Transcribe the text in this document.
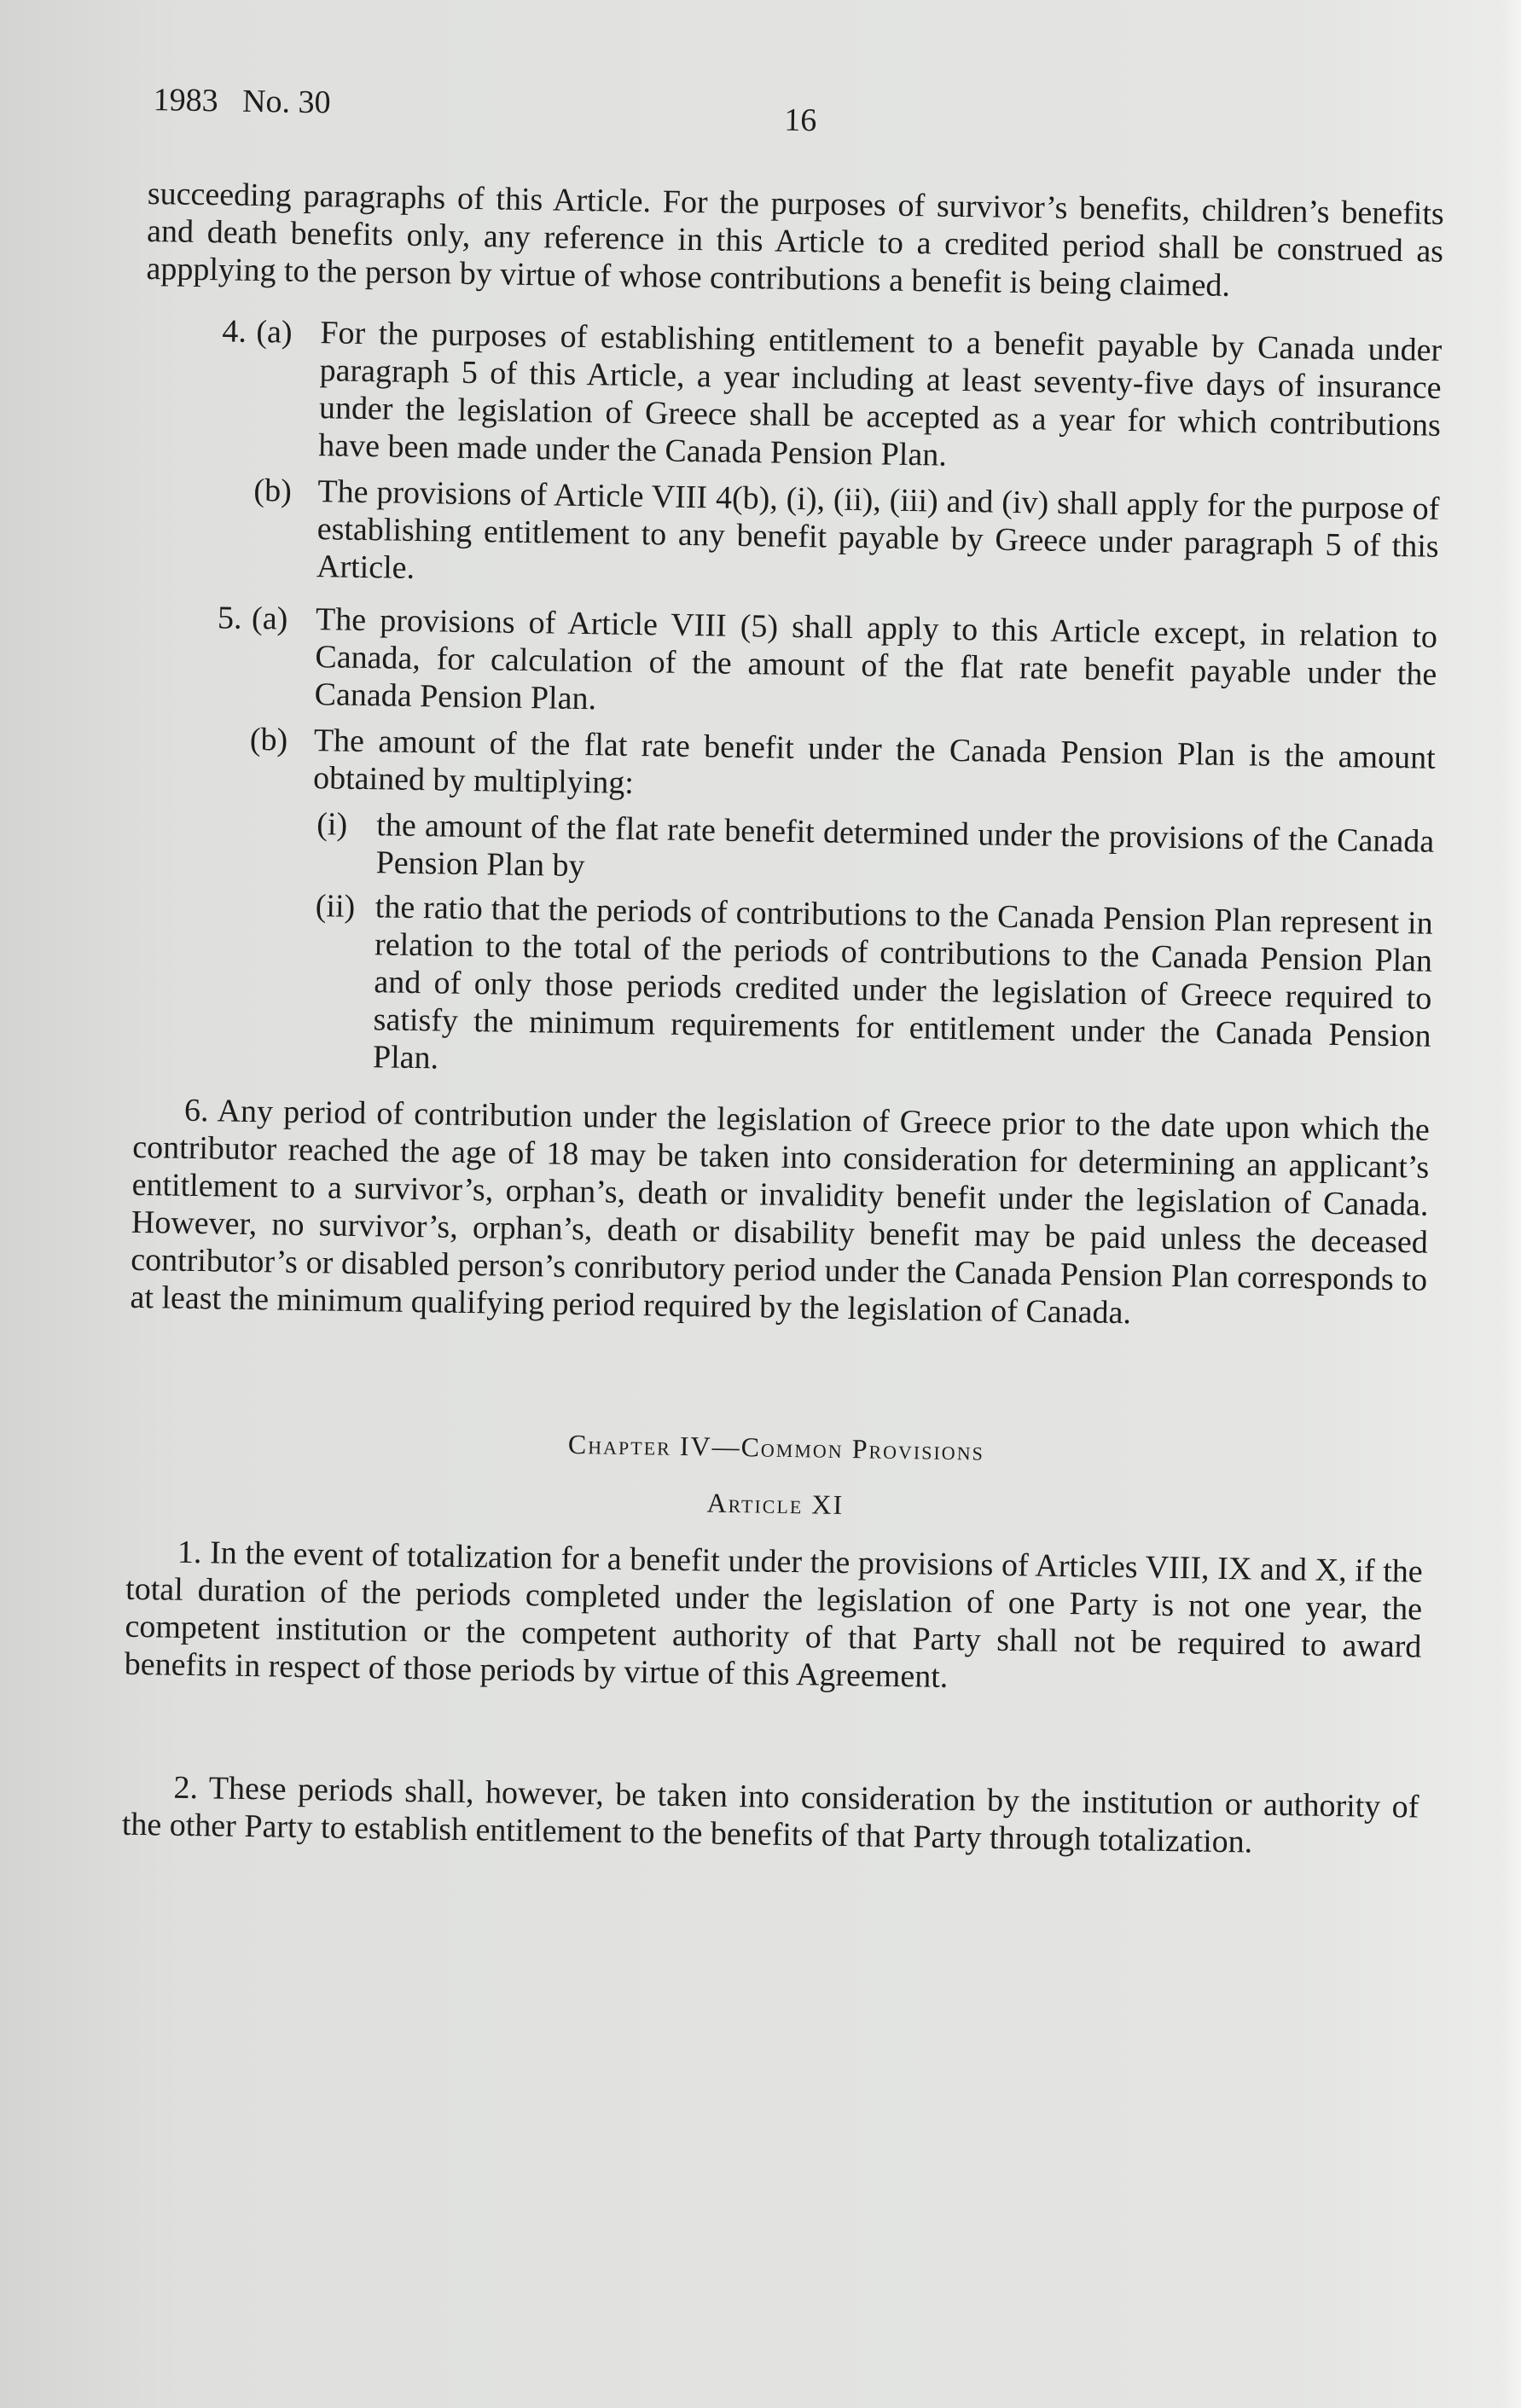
1983   No. 30	16

succeeding paragraphs of this Article. For the purposes of survivor’s benefits, children’s benefits and death benefits only, any reference in this Article to a credited period shall be construed as appplying to the person by virtue of whose contributions a benefit is being claimed.

4. (a) For the purposes of establishing entitlement to a benefit payable by Canada under paragraph 5 of this Article, a year including at least seventy-five days of insurance under the legislation of Greece shall be accepted as a year for which contributions have been made under the Canada Pension Plan.

(b) The provisions of Article VIII 4(b), (i), (ii), (iii) and (iv) shall apply for the purpose of establishing entitlement to any benefit payable by Greece under paragraph 5 of this Article.

5. (a) The provisions of Article VIII (5) shall apply to this Article except, in relation to Canada, for calculation of the amount of the flat rate benefit payable under the Canada Pension Plan.

(b) The amount of the flat rate benefit under the Canada Pension Plan is the amount obtained by multiplying:

(i) the amount of the flat rate benefit determined under the provisions of the Canada Pension Plan by

(ii) the ratio that the periods of contributions to the Canada Pension Plan represent in relation to the total of the periods of contributions to the Canada Pension Plan and of only those periods credited under the legislation of Greece required to satisfy the minimum requirements for entitlement under the Canada Pension Plan.

6. Any period of contribution under the legislation of Greece prior to the date upon which the contributor reached the age of 18 may be taken into consideration for determining an applicant’s entitlement to a survivor’s, orphan’s, death or invalidity benefit under the legislation of Canada. However, no survivor’s, orphan’s, death or disability benefit may be paid unless the deceased contributor’s or disabled person’s conributory period under the Canada Pension Plan corresponds to at least the minimum qualifying period required by the legislation of Canada.

Chapter IV—Common Provisions

Article XI

1. In the event of totalization for a benefit under the provisions of Articles VIII, IX and X, if the total duration of the periods completed under the legislation of one Party is not one year, the competent institution or the competent authority of that Party shall not be required to award benefits in respect of those periods by virtue of this Agreement.

2. These periods shall, however, be taken into consideration by the institution or authority of the other Party to establish entitlement to the benefits of that Party through totalization.
